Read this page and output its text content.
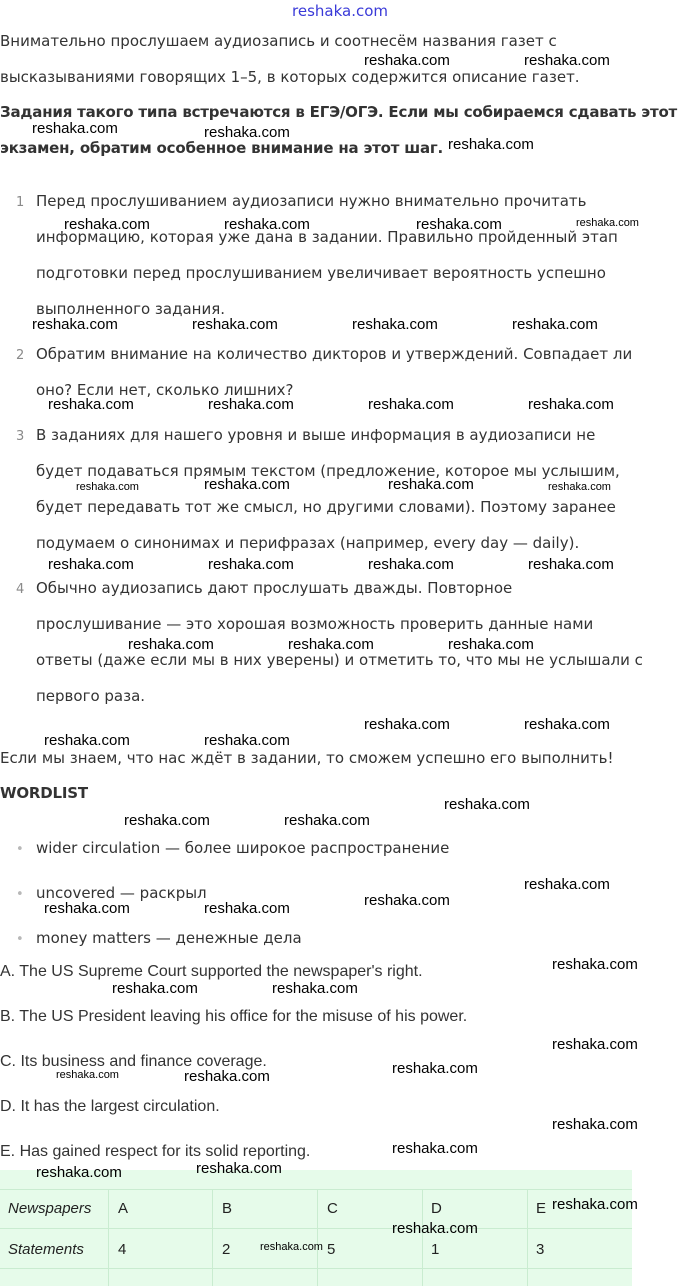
reshaka.com
Внимательно прослушаем аудиозапись и соотнесём названия газет с
высказываниями говорящих 1–5, в которых содержится описание газет.
Задания такого типа встречаются в ЕГЭ/ОГЭ. Если мы собираемся сдавать этот
экзамен, обратим особенное внимание на этот шаг.
1 Перед прослушиванием аудиозаписи нужно внимательно прочитать
информацию, которая уже дана в задании. Правильно пройденный этап
подготовки перед прослушиванием увеличивает вероятность успешно
выполненного задания.
2 Обратим внимание на количество дикторов и утверждений. Совпадает ли
оно? Если нет, сколько лишних?
3 В заданиях для нашего уровня и выше информация в аудиозаписи не
будет подаваться прямым текстом (предложение, которое мы услышим,
будет передавать тот же смысл, но другими словами). Поэтому заранее
подумаем о синонимах и перифразах (например, every day — daily).
4 Обычно аудиозапись дают прослушать дважды. Повторное
прослушивание — это хорошая возможность проверить данные нами
ответы (даже если мы в них уверены) и отметить то, что мы не услышали с
первого раза.
Если мы знаем, что нас ждёт в задании, то сможем успешно его выполнить!
WORDLIST
• wider circulation — более широкое распространение
• uncovered — раскрыл
• money matters — денежные дела
A. The US Supreme Court supported the newspaper's right.
B. The US President leaving his office for the misuse of his power.
C. Its business and finance coverage.
D. It has the largest circulation.
E. Has gained respect for its solid reporting.
Newspapers A	B	C	D	E
Statements 4	2	5	1	3
reshaka.com	reshaka.com
reshaka.com	reshaka.com
reshaka.com
reshaka.com	reshaka.com	reshaka.com	reshaka.com
reshaka.com	reshaka.com	reshaka.com	reshaka.com
reshaka.com	reshaka.com	reshaka.com	reshaka.com
reshaka.com	reshaka.com	reshaka.com	reshaka.com
reshaka.com	reshaka.com	reshaka.com	reshaka.com
reshaka.com	reshaka.com	reshaka.com
reshaka.com	reshaka.com
reshaka.com	reshaka.com
reshaka.com
reshaka.com	reshaka.com
reshaka.com
reshaka.com
reshaka.com	reshaka.com
reshaka.com
reshaka.com	reshaka.com
reshaka.com
reshaka.com
reshaka.com	reshaka.com
reshaka.com
reshaka.com
reshaka.com
reshaka.com
reshaka.com
reshaka.com
reshaka.com
